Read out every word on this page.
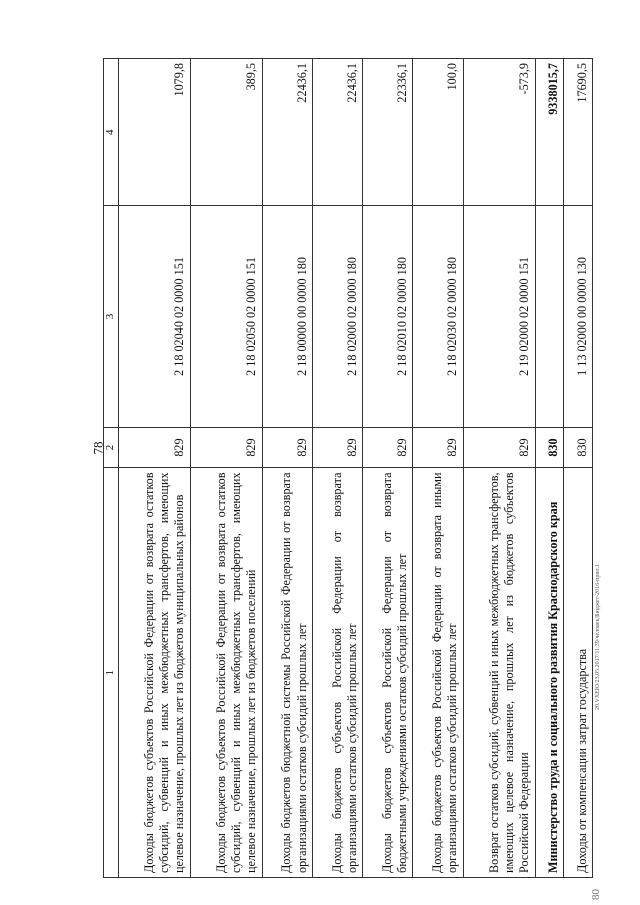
78
1	2	3	4
Доходы бюджетов субъектов Российской Федерации от возврата остатков субсидий, субвенций и иных межбюджетных трансфертов, имеющих целевое назначение, прошлых лет из бюджетов муниципальных районов	829	2 18 02040 02 0000 151	1079,8
Доходы бюджетов субъектов Российской Федерации от возврата остатков субсидий, субвенций и иных межбюджетных трансфертов, имеющих целевое назначение, прошлых лет из бюджетов поселений	829	2 18 02050 02 0000 151	389,5
Доходы бюджетов бюджетной системы Российской Федерации от возврата организациями остатков субсидий прошлых лет	829	2 18 00000 00 0000 180	22436,1
Доходы бюджетов субъектов Российской Федерации от возврата организациями остатков субсидий прошлых лет	829	2 18 02000 02 0000 180	22436,1
Доходы бюджетов субъектов Российской Федерации от возврата бюджетными учреждениями остатков субсидий прошлых лет	829	2 18 02010 02 0000 180	22336,1
Доходы бюджетов субъектов Российской Федерации от возврата иными организациями остатков субсидий прошлых лет	829	2 18 02030 02 0000 180	100,0
Возврат остатков субсидий, субвенций и иных межбюджетных трансфертов, имеющих целевое назначение, прошлых лет из бюджетов субъектов Российской Федерации	829	2 19 02000 02 0000 151	-573,9
Министерство труда и социального развития Краснодарского края	830		9338015,7
Доходы от компенсации затрат государства	830	1 13 02000 00 0000 130	17690,5
20.VXEЮ/23.05.2017/11:39/человек/Бюджет-2016-прил.1
80
